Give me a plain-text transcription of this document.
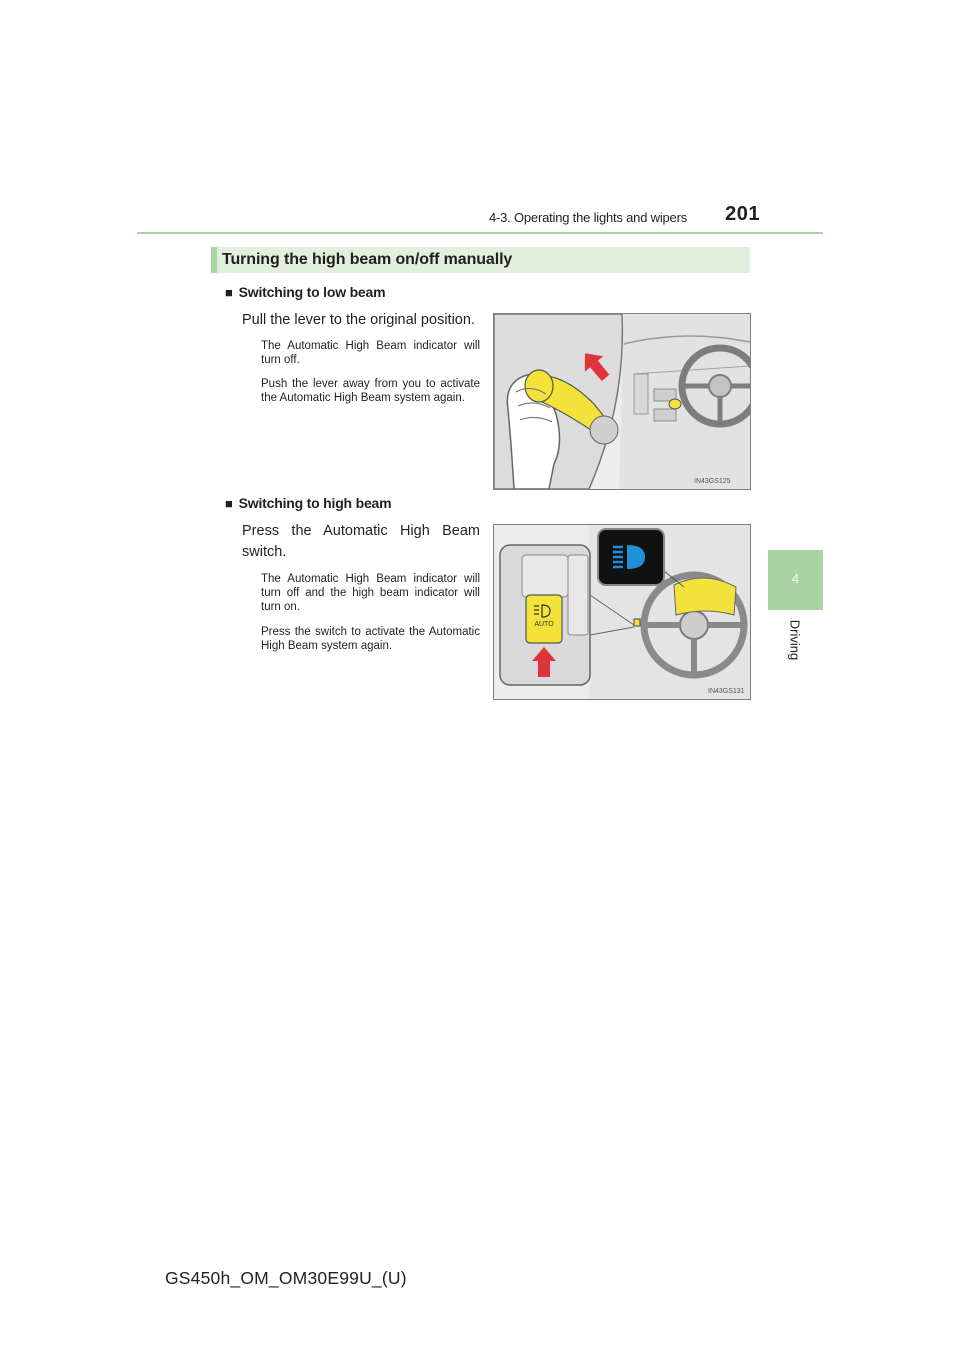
4-3. Operating the lights and wipers	201
4
Driving
Turning the high beam on/off manually
■ Switching to low beam
Pull the lever to the original position.
The Automatic High Beam indicator will turn off.
Push the lever away from you to activate the Automatic High Beam system again.
IN43GS125
■ Switching to high beam
Press the Automatic High Beam switch.
The Automatic High Beam indicator will turn off and the high beam indicator will turn on.
Press the switch to activate the Automatic High Beam system again.
AUTO
IN43GS131
GS450h_OM_OM30E99U_(U)
